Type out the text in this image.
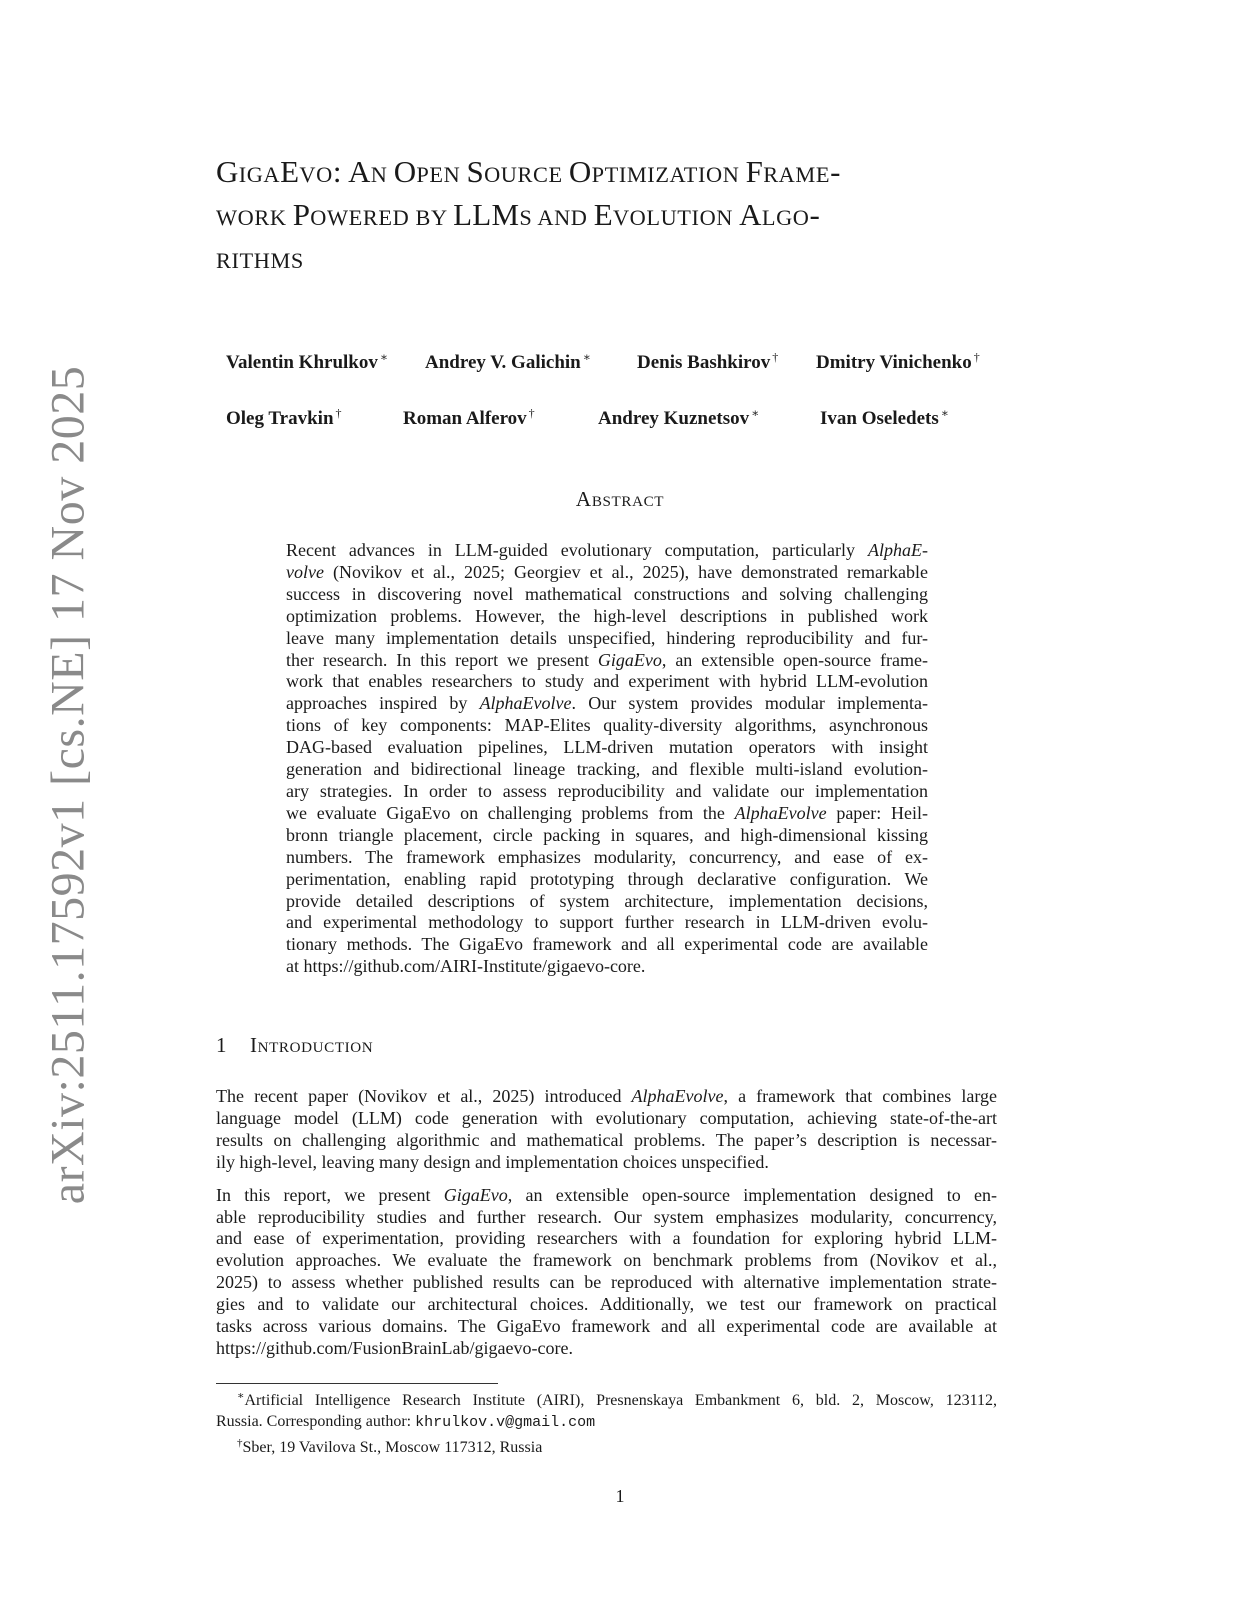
arXiv:2511.17592v1 [cs.NE] 17 Nov 2025
GIGAEVO: AN OPEN SOURCE OPTIMIZATION FRAME-
WORK POWERED BY LLMS AND EVOLUTION ALGO-
RITHMS
Valentin Khrulkov ∗ Andrey V. Galichin ∗ Denis Bashkirov † Dmitry Vinichenko †
Oleg Travkin †	Roman Alferov †	Andrey Kuznetsov ∗	Ivan Oseledets ∗
ABSTRACT
Recent advances in LLM-guided evolutionary computation, particularly AlphaE-
volve (Novikov et al., 2025; Georgiev et al., 2025), have demonstrated remarkable
success in discovering novel mathematical constructions and solving challenging
optimization problems. However, the high-level descriptions in published work
leave many implementation details unspecified, hindering reproducibility and fur-
ther research. In this report we present GigaEvo, an extensible open-source frame-
work that enables researchers to study and experiment with hybrid LLM-evolution
approaches inspired by AlphaEvolve. Our system provides modular implementa-
tions of key components: MAP-Elites quality-diversity algorithms, asynchronous
DAG-based evaluation pipelines, LLM-driven mutation operators with insight
generation and bidirectional lineage tracking, and flexible multi-island evolution-
ary strategies. In order to assess reproducibility and validate our implementation
we evaluate GigaEvo on challenging problems from the AlphaEvolve paper: Heil-
bronn triangle placement, circle packing in squares, and high-dimensional kissing
numbers. The framework emphasizes modularity, concurrency, and ease of ex-
perimentation, enabling rapid prototyping through declarative configuration. We
provide detailed descriptions of system architecture, implementation decisions,
and experimental methodology to support further research in LLM-driven evolu-
tionary methods. The GigaEvo framework and all experimental code are available
at https://github.com/AIRI-Institute/gigaevo-core.
1 INTRODUCTION
The recent paper (Novikov et al., 2025) introduced AlphaEvolve, a framework that combines large
language model (LLM) code generation with evolutionary computation, achieving state-of-the-art
results on challenging algorithmic and mathematical problems. The paper’s description is necessar-
ily high-level, leaving many design and implementation choices unspecified.
In this report, we present GigaEvo, an extensible open-source implementation designed to en-
able reproducibility studies and further research. Our system emphasizes modularity, concurrency,
and ease of experimentation, providing researchers with a foundation for exploring hybrid LLM-
evolution approaches. We evaluate the framework on benchmark problems from (Novikov et al.,
2025) to assess whether published results can be reproduced with alternative implementation strate-
gies and to validate our architectural choices. Additionally, we test our framework on practical
tasks across various domains. The GigaEvo framework and all experimental code are available at
https://github.com/FusionBrainLab/gigaevo-core.
∗Artificial Intelligence Research Institute (AIRI), Presnenskaya Embankment 6, bld. 2, Moscow, 123112,
Russia. Corresponding author: khrulkov.v@gmail.com
†Sber, 19 Vavilova St., Moscow 117312, Russia
1
